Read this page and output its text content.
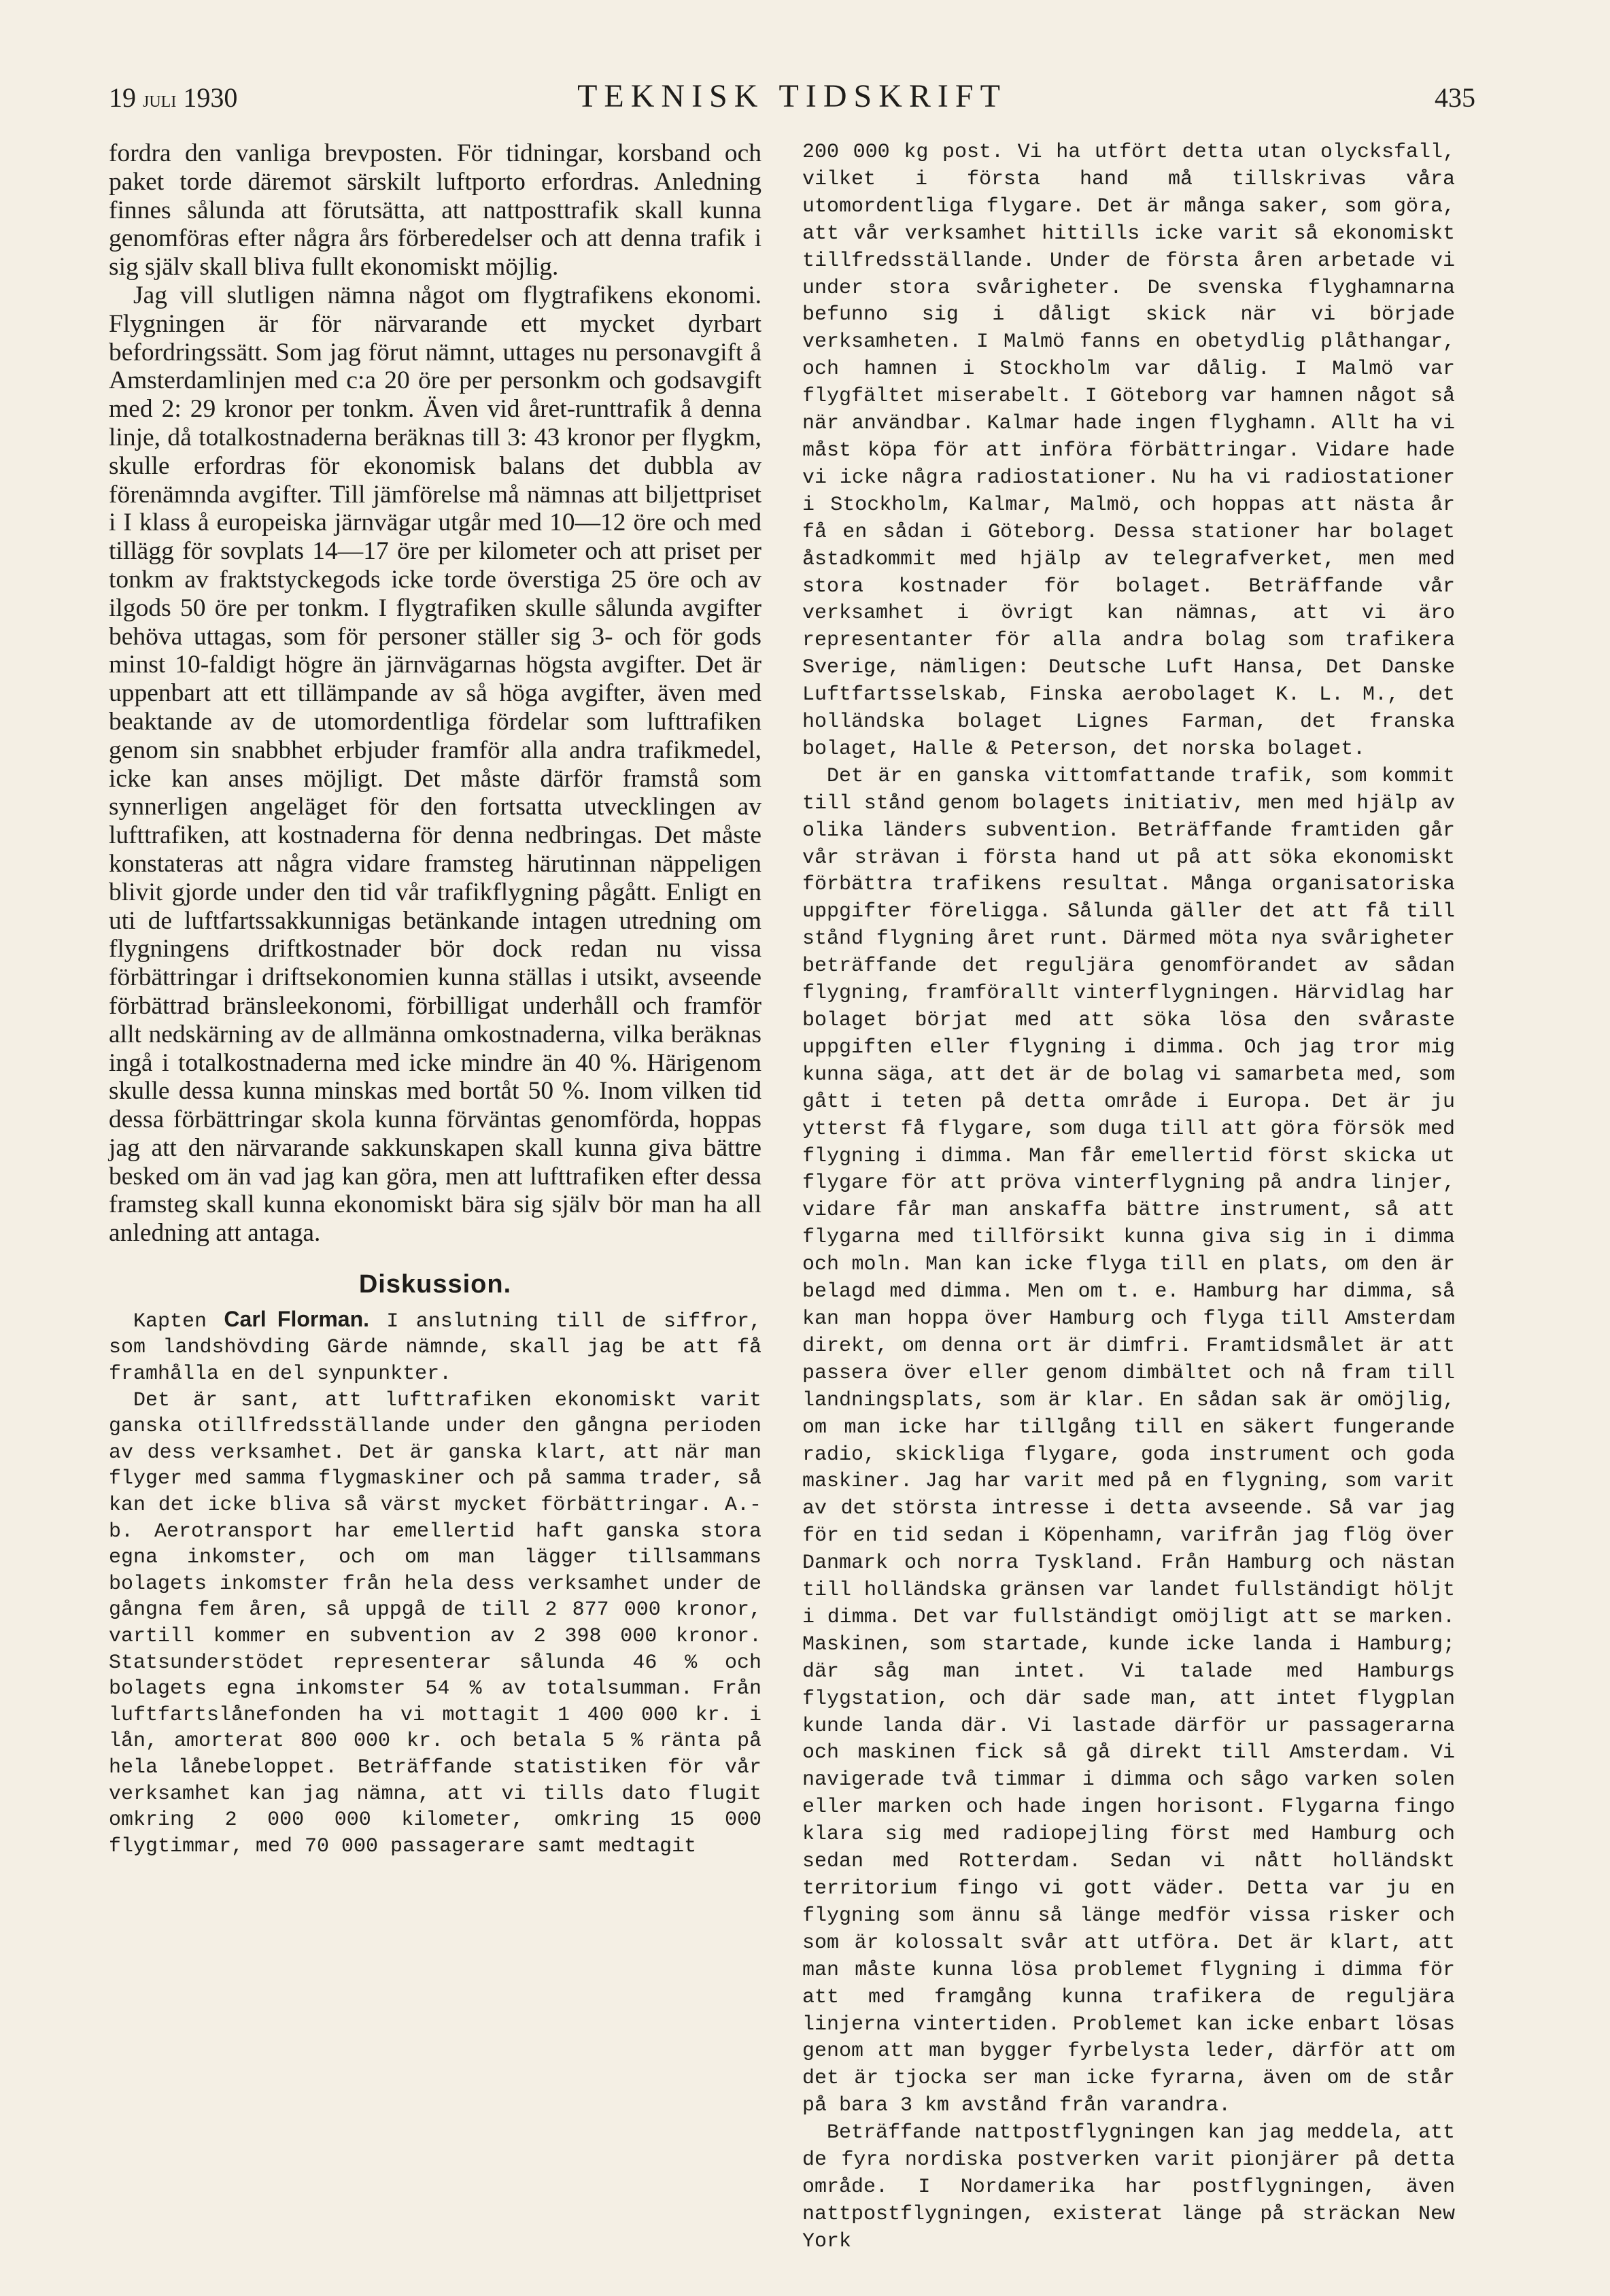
19 juli 1930	TEKNISK TIDSKRIFT	435

fordra den vanliga brevposten. För tidningar, korsband och paket torde däremot särskilt luftporto erfordras. Anledning finnes sålunda att förutsätta, att nattposttrafik skall kunna genomföras efter några års förberedelser och att denna trafik i sig själv skall bliva fullt ekonomiskt möjlig.

Jag vill slutligen nämna något om flygtrafikens ekonomi. Flygningen är för närvarande ett mycket dyrbart befordringssätt. Som jag förut nämnt, uttages nu personavgift å Amsterdamlinjen med c:a 20 öre per personkm och godsavgift med 2: 29 kronor per tonkm. Även vid året-runttrafik å denna linje, då totalkostnaderna beräknas till 3: 43 kronor per flygkm, skulle erfordras för ekonomisk balans det dubbla av förenämnda avgifter. Till jämförelse må nämnas att biljettpriset i I klass å europeiska järnvägar utgår med 10—12 öre och med tillägg för sovplats 14—17 öre per kilometer och att priset per tonkm av fraktstyckegods icke torde överstiga 25 öre och av ilgods 50 öre per tonkm. I flygtrafiken skulle sålunda avgifter behöva uttagas, som för personer ställer sig 3- och för gods minst 10-faldigt högre än järnvägarnas högsta avgifter. Det är uppenbart att ett tillämpande av så höga avgifter, även med beaktande av de utomordentliga fördelar som lufttrafiken genom sin snabbhet erbjuder framför alla andra trafikmedel, icke kan anses möjligt. Det måste därför framstå som synnerligen angeläget för den fortsatta utvecklingen av lufttrafiken, att kostnaderna för denna nedbringas. Det måste konstateras att några vidare framsteg härutinnan näppeligen blivit gjorde under den tid vår trafikflygning pågått. Enligt en uti de luftfartssakkunnigas betänkande intagen utredning om flygningens driftkostnader bör dock redan nu vissa förbättringar i driftsekonomien kunna ställas i utsikt, avseende förbättrad bränsleekonomi, förbilligat underhåll och framför allt nedskärning av de allmänna omkostnaderna, vilka beräknas ingå i totalkostnaderna med icke mindre än 40 %. Härigenom skulle dessa kunna minskas med bortåt 50 %. Inom vilken tid dessa förbättringar skola kunna förväntas genomförda, hoppas jag att den närvarande sakkunskapen skall kunna giva bättre besked om än vad jag kan göra, men att lufttrafiken efter dessa framsteg skall kunna ekonomiskt bära sig själv bör man ha all anledning att antaga.

Diskussion.

Kapten Carl Florman. I anslutning till de siffror, som landshövding Gärde nämnde, skall jag be att få framhålla en del synpunkter.

Det är sant, att lufttrafiken ekonomiskt varit ganska otillfredsställande under den gångna perioden av dess verksamhet. Det är ganska klart, att när man flyger med samma flygmaskiner och på samma trader, så kan det icke bliva så värst mycket förbättringar. A.-b. Aerotransport har emellertid haft ganska stora egna inkomster, och om man lägger tillsammans bolagets inkomster från hela dess verksamhet under de gångna fem åren, så uppgå de till 2 877 000 kronor, vartill kommer en subvention av 2 398 000 kronor. Statsunderstödet representerar sålunda 46 % och bolagets egna inkomster 54 % av totalsumman. Från luftfartslånefonden ha vi mottagit 1 400 000 kr. i lån, amorterat 800 000 kr. och betala 5 % ränta på hela lånebeloppet. Beträffande statistiken för vår verksamhet kan jag nämna, att vi tills dato flugit omkring 2 000 000 kilometer, omkring 15 000 flygtimmar, med 70 000 passagerare samt medtagit

200 000 kg post. Vi ha utfört detta utan olycksfall, vilket i första hand må tillskrivas våra utomordentliga flygare. Det är många saker, som göra, att vår verksamhet hittills icke varit så ekonomiskt tillfredsställande. Under de första åren arbetade vi under stora svårigheter. De svenska flyghamnarna befunno sig i dåligt skick när vi började verksamheten. I Malmö fanns en obetydlig plåthangar, och hamnen i Stockholm var dålig. I Malmö var flygfältet miserabelt. I Göteborg var hamnen något så när användbar. Kalmar hade ingen flyghamn. Allt ha vi måst köpa för att införa förbättringar. Vidare hade vi icke några radiostationer. Nu ha vi radiostationer i Stockholm, Kalmar, Malmö, och hoppas att nästa år få en sådan i Göteborg. Dessa stationer har bolaget åstadkommit med hjälp av telegrafverket, men med stora kostnader för bolaget. Beträffande vår verksamhet i övrigt kan nämnas, att vi äro representanter för alla andra bolag som trafikera Sverige, nämligen: Deutsche Luft Hansa, Det Danske Luftfartsselskab, Finska aerobolaget K. L. M., det holländska bolaget Lignes Farman, det franska bolaget, Halle & Peterson, det norska bolaget.

Det är en ganska vittomfattande trafik, som kommit till stånd genom bolagets initiativ, men med hjälp av olika länders subvention. Beträffande framtiden går vår strävan i första hand ut på att söka ekonomiskt förbättra trafikens resultat. Många organisatoriska uppgifter föreligga. Sålunda gäller det att få till stånd flygning året runt. Därmed möta nya svårigheter beträffande det reguljära genomförandet av sådan flygning, framförallt vinterflygningen. Härvidlag har bolaget börjat med att söka lösa den svåraste uppgiften eller flygning i dimma. Och jag tror mig kunna säga, att det är de bolag vi samarbeta med, som gått i teten på detta område i Europa. Det är ju ytterst få flygare, som duga till att göra försök med flygning i dimma. Man får emellertid först skicka ut flygare för att pröva vinterflygning på andra linjer, vidare får man anskaffa bättre instrument, så att flygarna med tillförsikt kunna giva sig in i dimma och moln. Man kan icke flyga till en plats, om den är belagd med dimma. Men om t. e. Hamburg har dimma, så kan man hoppa över Hamburg och flyga till Amsterdam direkt, om denna ort är dimfri. Framtidsmålet är att passera över eller genom dimbältet och nå fram till landningsplats, som är klar. En sådan sak är omöjlig, om man icke har tillgång till en säkert fungerande radio, skickliga flygare, goda instrument och goda maskiner. Jag har varit med på en flygning, som varit av det största intresse i detta avseende. Så var jag för en tid sedan i Köpenhamn, varifrån jag flög över Danmark och norra Tyskland. Från Hamburg och nästan till holländska gränsen var landet fullständigt höljt i dimma. Det var fullständigt omöjligt att se marken. Maskinen, som startade, kunde icke landa i Hamburg; där såg man intet. Vi talade med Hamburgs flygstation, och där sade man, att intet flygplan kunde landa där. Vi lastade därför ur passagerarna och maskinen fick så gå direkt till Amsterdam. Vi navigerade två timmar i dimma och sågo varken solen eller marken och hade ingen horisont. Flygarna fingo klara sig med radiopejling först med Hamburg och sedan med Rotterdam. Sedan vi nått holländskt territorium fingo vi gott väder. Detta var ju en flygning som ännu så länge medför vissa risker och som är kolossalt svår att utföra. Det är klart, att man måste kunna lösa problemet flygning i dimma för att med framgång kunna trafikera de reguljära linjerna vintertiden. Problemet kan icke enbart lösas genom att man bygger fyrbelysta leder, därför att om det är tjocka ser man icke fyrarna, även om de står på bara 3 km avstånd från varandra.

Beträffande nattpostflygningen kan jag meddela, att de fyra nordiska postverken varit pionjärer på detta område. I Nordamerika har postflygningen, även nattpostflygningen, existerat länge på sträckan New York
